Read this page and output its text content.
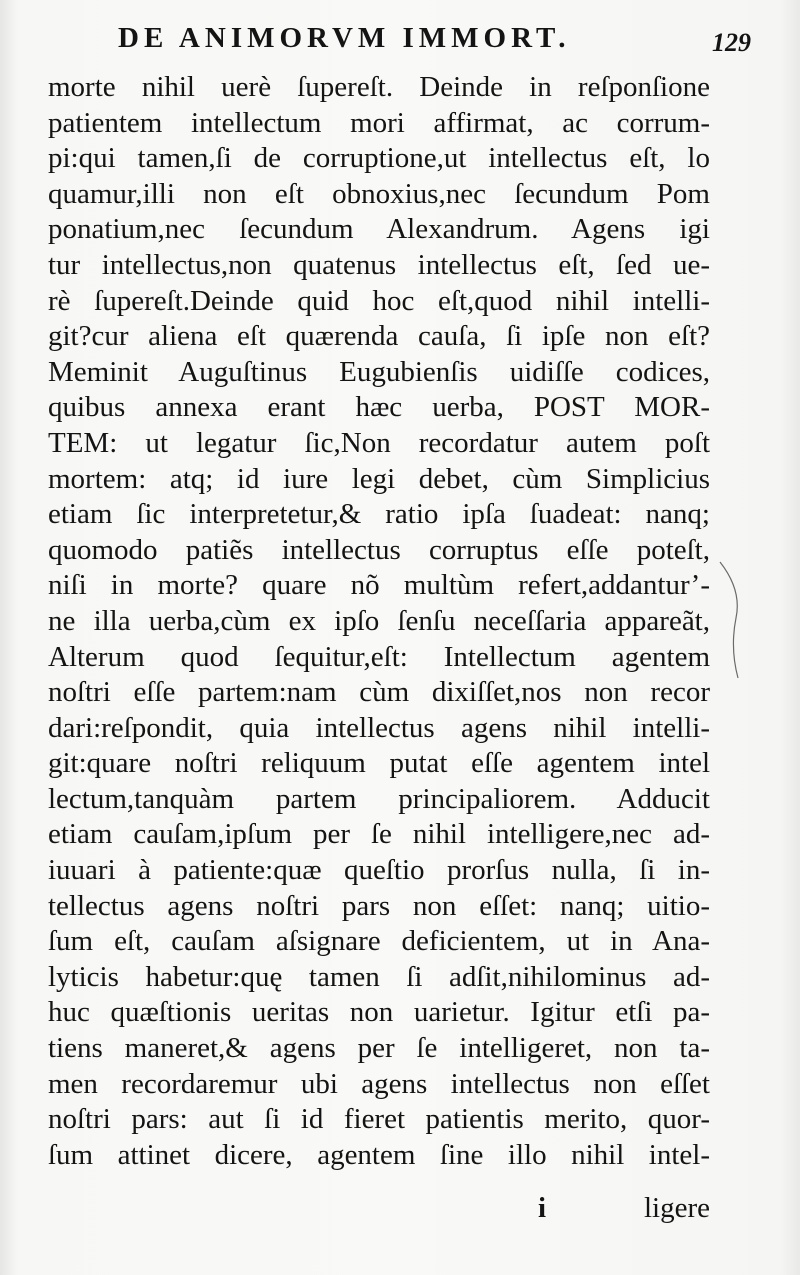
DE ANIMORVM IMMORT.	129
morte nihil uerè ſupereſt. Deinde in reſponſione
patientem intellectum mori affirmat, ac corrum-
pi:qui tamen,ſi de corruptione,ut intellectus eſt, lo
quamur,illi non eſt obnoxius,nec ſecundum Pom
ponatium,nec ſecundum Alexandrum. Agens igi
tur intellectus,non quatenus intellectus eſt, ſed ue-
rè ſupereſt.Deinde quid hoc eſt,quod nihil intelli-
git?cur aliena eſt quærenda cauſa, ſi ipſe non eſt?
Meminit Auguſtinus Eugubienſis uidiſſe codices,
quibus annexa erant hæc uerba, POST MOR-
TEM: ut legatur ſic,Non recordatur autem poſt
mortem: atq; id iure legi debet, cùm Simplicius
etiam ſic interpretetur,& ratio ipſa ſuadeat: nanq;
quomodo patiẽs intellectus corruptus eſſe poteſt,
niſi in morte? quare nõ multùm refert,addantur’-
ne illa uerba,cùm ex ipſo ſenſu neceſſaria appareãt,
Alterum quod ſequitur,eſt: Intellectum agentem
noſtri eſſe partem:nam cùm dixiſſet,nos non recor
dari:reſpondit, quia intellectus agens nihil intelli-
git:quare noſtri reliquum putat eſſe agentem intel
lectum,tanquàm partem principaliorem. Adducit
etiam cauſam,ipſum per ſe nihil intelligere,nec ad-
iuuari à patiente:quæ queſtio prorſus nulla, ſi in-
tellectus agens noſtri pars non eſſet: nanq; uitio-
ſum eſt, cauſam aſsignare deficientem, ut in Ana-
lyticis habetur:quę tamen ſi adſit,nihilominus ad-
huc quæſtionis ueritas non uarietur. Igitur etſi pa-
tiens maneret,& agens per ſe intelligeret, non ta-
men recordaremur ubi agens intellectus non eſſet
noſtri pars: aut ſi id fieret patientis merito, quor-
ſum attinet dicere, agentem ſine illo nihil intel-
i	ligere
